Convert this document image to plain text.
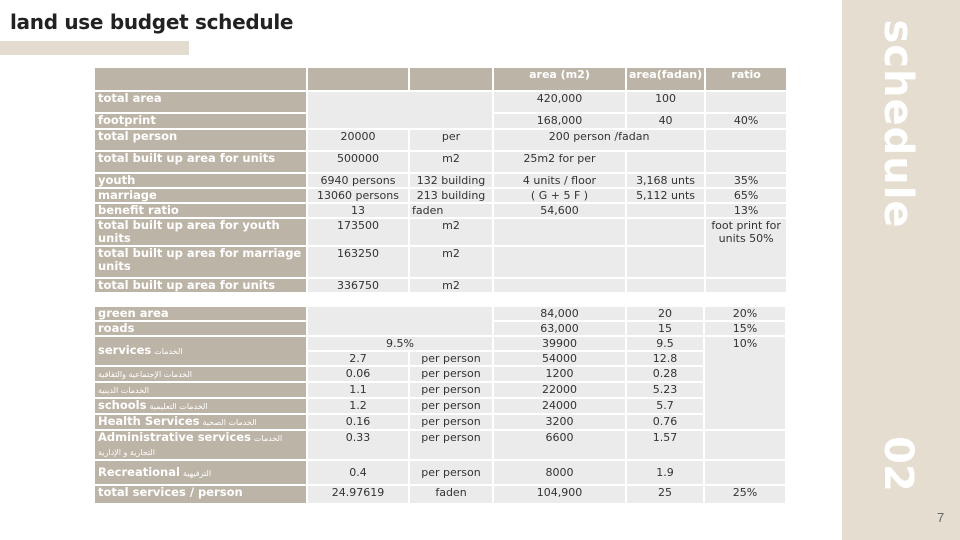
land use budget schedule	schedule
02
7
			area (m2)	area(fadan)	ratio
total area			420,000	100	
footprint			168,000	40	40%
total person	20000	per	200 person /fadan		
total built up area for units	500000	m2	25m2 for per		
youth	6940 persons	132 building	4 units / floor	3,168 unts	35%
marriage	13060 persons	213 building	( G + 5 F )	5,112 unts	65%
benefit ratio	13	faden	54,600		13%
total built up area for youth units	173500	m2			foot print for units 50%
total built up area for marriage units	163250	m2			
total built up area for units	336750	m2			
green area			84,000	20	20%
roads			63,000	15	15%
services الخدمات	9.5%		39900	9.5	10%
	2.7	per person	54000	12.8	
الخدمات الإجتماعية والثقافية	0.06	per person	1200	0.28	
الخدمات الدينية	1.1	per person	22000	5.23	
schools الخدمات التعليمية	1.2	per person	24000	5.7	
Health Services الخدمات الصحية	0.16	per person	3200	0.76	
Administrative services الخدمات التجارية و الإدارية	0.33	per person	6600	1.57	
Recreational الترفيهية	0.4	per person	8000	1.9	
total services / person	24.97619	faden	104,900	25	25%
